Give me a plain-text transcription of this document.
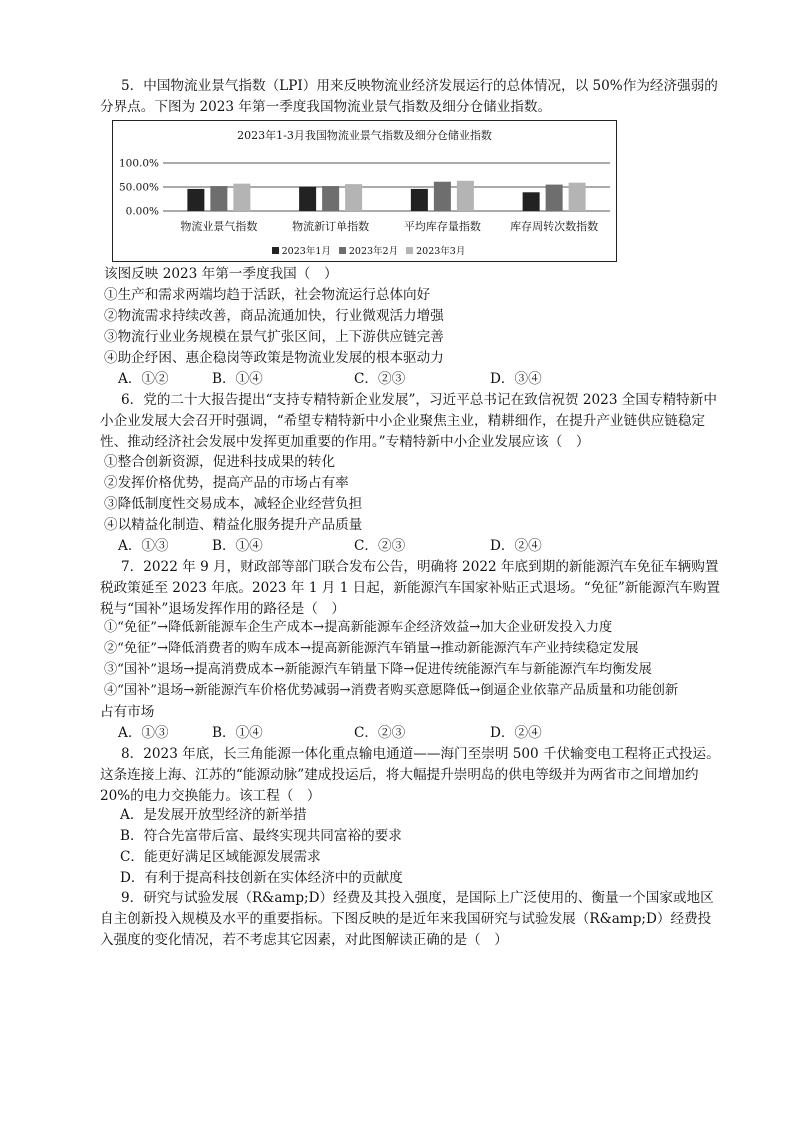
5．中国物流业景气指数（LPI）用来反映物流业经济发展运行的总体情况，以 50%作为经济强弱的分界点。下图为 2023 年第一季度我国物流业景气指数及细分仓储业指数。
2023年1-3月我国物流业景气指数及细分仓储业指数
100.0%
50.00%
0.00%
物流业景气指数	物流新订单指数	平均库存量指数	库存周转次数指数
2023年1月 2023年2月 2023年3月
该图反映 2023 年第一季度我国（　）
①生产和需求两端均趋于活跃，社会物流运行总体向好
②物流需求持续改善，商品流通加快，行业微观活力增强
③物流行业业务规模在景气扩张区间，上下游供应链完善
④助企纾困、惠企稳岗等政策是物流业发展的根本驱动力
A．①②	B．①④	C．②③	D．③④
6．党的二十大报告提出“支持专精特新企业发展”，习近平总书记在致信祝贺 2023 全国专精特新中小企业发展大会召开时强调，“希望专精特新中小企业聚焦主业，精耕细作，在提升产业链供应链稳定性、推动经济社会发展中发挥更加重要的作用。”专精特新中小企业发展应该（　）
①整合创新资源，促进科技成果的转化
②发挥价格优势，提高产品的市场占有率
③降低制度性交易成本，减轻企业经营负担
④以精益化制造、精益化服务提升产品质量
A．①③	B．①④	C．②③	D．②④
7．2022 年 9 月，财政部等部门联合发布公告，明确将 2022 年底到期的新能源汽车免征车辆购置税政策延至 2023 年底。2023 年 1 月 1 日起，新能源汽车国家补贴正式退场。“免征”新能源汽车购置税与“国补”退场发挥作用的路径是（　）
①“免征”→降低新能源车企生产成本→提高新能源车企经济效益→加大企业研发投入力度
②“免征”→降低消费者的购车成本→提高新能源汽车销量→推动新能源汽车产业持续稳定发展
③“国补”退场→提高消费成本→新能源汽车销量下降→促进传统能源汽车与新能源汽车均衡发展
④“国补”退场→新能源汽车价格优势减弱→消费者购买意愿降低→倒逼企业依靠产品质量和功能创新
占有市场
A．①③	B．①④	C．②③	D．②④
8．2023 年底，长三角能源一体化重点输电通道——海门至崇明 500 千伏输变电工程将正式投运。这条连接上海、江苏的“能源动脉”建成投运后，将大幅提升崇明岛的供电等级并为两省市之间增加约 20%的电力交换能力。该工程（　）
A．是发展开放型经济的新举措
B．符合先富带后富、最终实现共同富裕的要求
C．能更好满足区域能源发展需求
D．有利于提高科技创新在实体经济中的贡献度
9．研究与试验发展（R&amp;D）经费及其投入强度，是国际上广泛使用的、衡量一个国家或地区自主创新投入规模及水平的重要指标。下图反映的是近年来我国研究与试验发展（R&amp;D）经费投入强度的变化情况，若不考虑其它因素，对此图解读正确的是（　）
